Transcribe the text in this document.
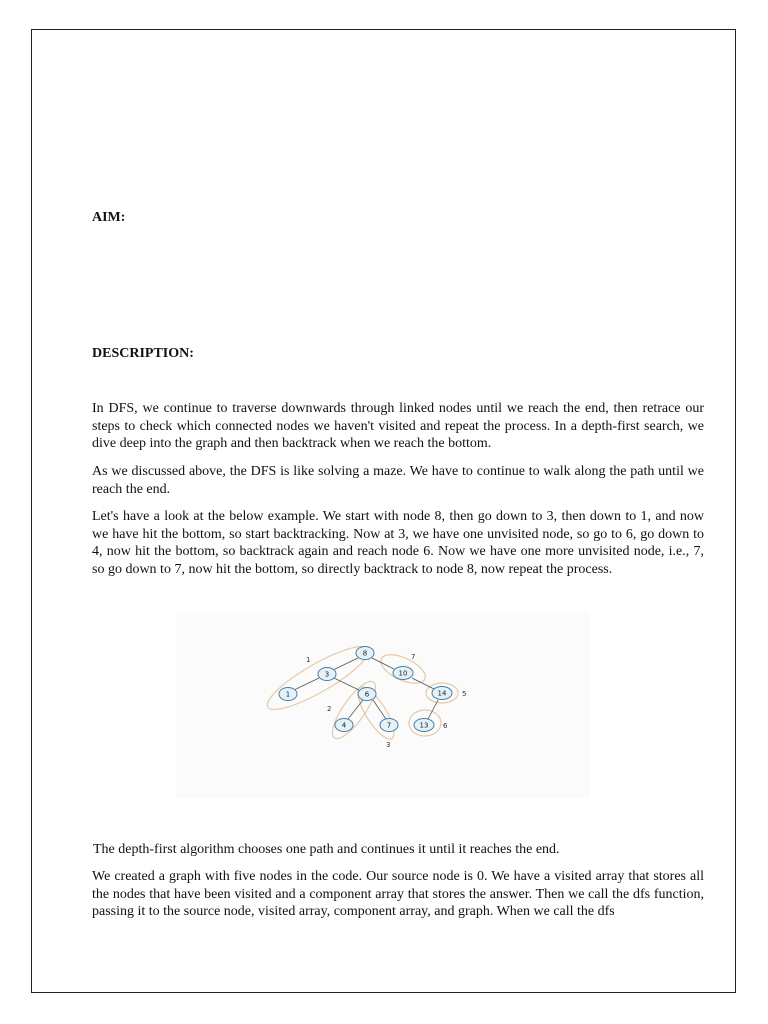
AIM:
DESCRIPTION:

In DFS, we continue to traverse downwards through linked nodes until we reach the end, then retrace our steps to check which connected nodes we haven't visited and repeat the process. In a depth-first search, we dive deep into the graph and then backtrack when we reach the bottom.

As we discussed above, the DFS is like solving a maze. We have to continue to walk along the path until we reach the end.

Let's have a look at the below example. We start with node 8, then go down to 3, then down to 1, and now we have hit the bottom, so start backtracking. Now at 3, we have one unvisited node, so go to 6, go down to 4, now hit the bottom, so backtrack again and reach node 6. Now we have one more unvisited node, i.e., 7, so go down to 7, now hit the bottom, so directly backtrack to node 8, now repeat the process.

8
3	10
1	6	14
4	7	13
1	7
5
2
3
6

The depth-first algorithm chooses one path and continues it until it reaches the end.

We created a graph with five nodes in the code. Our source node is 0. We have a visited array that stores all the nodes that have been visited and a component array that stores the answer. Then we call the dfs function, passing it to the source node, visited array, component array, and graph. When we call the dfs
